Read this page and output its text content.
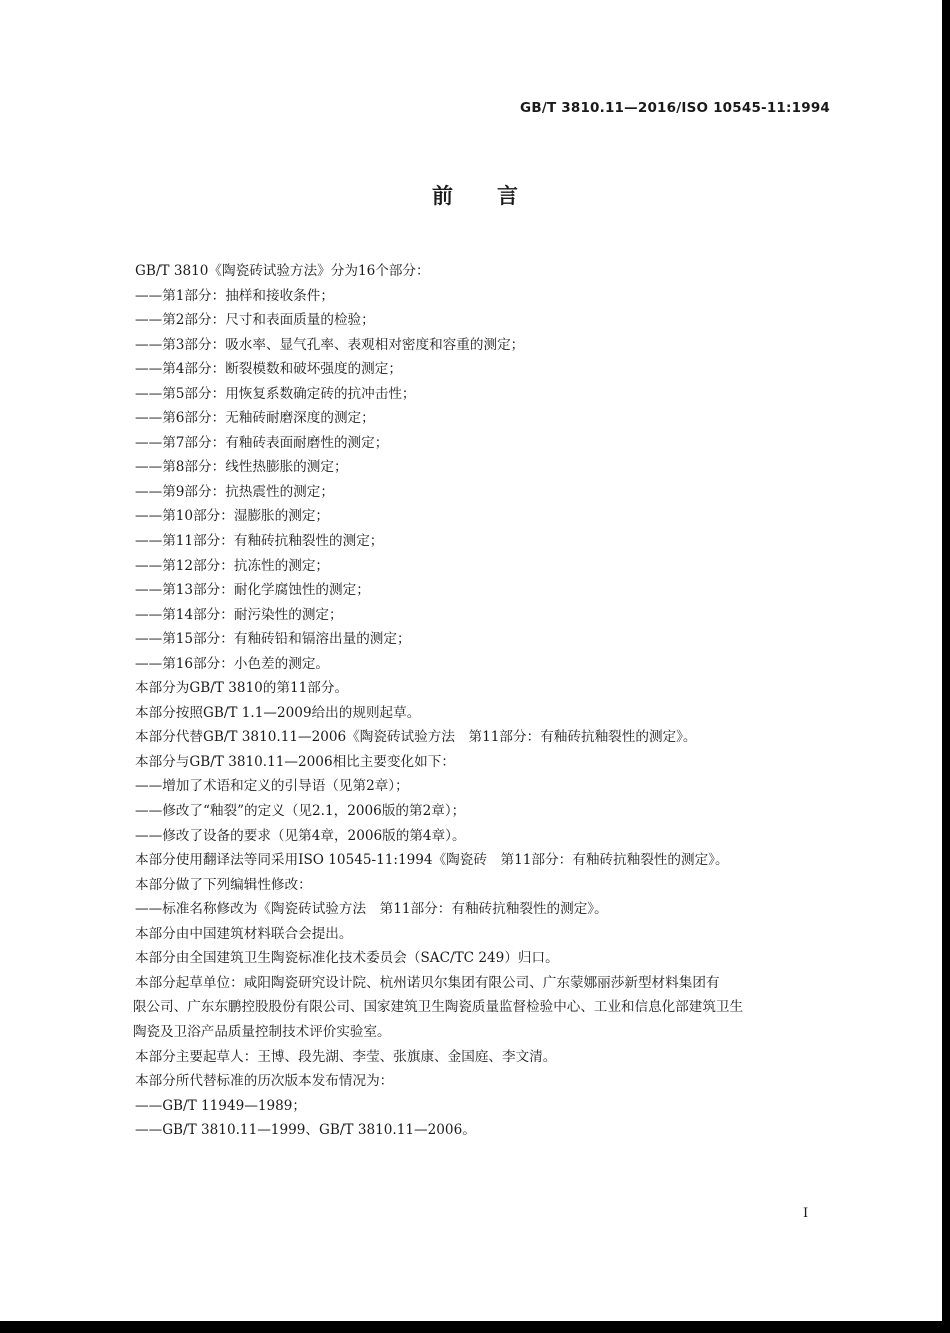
GB/T 3810.11—2016/ISO 10545-11:1994
前言
GB/T 3810《陶瓷砖试验方法》分为16个部分：
——第1部分：抽样和接收条件；
——第2部分：尺寸和表面质量的检验；
——第3部分：吸水率、显气孔率、表观相对密度和容重的测定；
——第4部分：断裂模数和破坏强度的测定；
——第5部分：用恢复系数确定砖的抗冲击性；
——第6部分：无釉砖耐磨深度的测定；
——第7部分：有釉砖表面耐磨性的测定；
——第8部分：线性热膨胀的测定；
——第9部分：抗热震性的测定；
——第10部分：湿膨胀的测定；
——第11部分：有釉砖抗釉裂性的测定；
——第12部分：抗冻性的测定；
——第13部分：耐化学腐蚀性的测定；
——第14部分：耐污染性的测定；
——第15部分：有釉砖铅和镉溶出量的测定；
——第16部分：小色差的测定。
本部分为GB/T 3810的第11部分。
本部分按照GB/T 1.1—2009给出的规则起草。
本部分代替GB/T 3810.11—2006《陶瓷砖试验方法　第11部分：有釉砖抗釉裂性的测定》。
本部分与GB/T 3810.11—2006相比主要变化如下：
——增加了术语和定义的引导语（见第2章）；
——修改了“釉裂”的定义（见2.1，2006版的第2章）；
——修改了设备的要求（见第4章，2006版的第4章）。
本部分使用翻译法等同采用ISO 10545-11:1994《陶瓷砖　第11部分：有釉砖抗釉裂性的测定》。
本部分做了下列编辑性修改：
——标准名称修改为《陶瓷砖试验方法　第11部分：有釉砖抗釉裂性的测定》。
本部分由中国建筑材料联合会提出。
本部分由全国建筑卫生陶瓷标准化技术委员会（SAC/TC 249）归口。
本部分起草单位：咸阳陶瓷研究设计院、杭州诺贝尔集团有限公司、广东蒙娜丽莎新型材料集团有
限公司、广东东鹏控股股份有限公司、国家建筑卫生陶瓷质量监督检验中心、工业和信息化部建筑卫生
陶瓷及卫浴产品质量控制技术评价实验室。
本部分主要起草人：王博、段先湖、李莹、张旗康、金国庭、李文清。
本部分所代替标准的历次版本发布情况为：
——GB/T 11949—1989；
——GB/T 3810.11—1999、GB/T 3810.11—2006。
I
